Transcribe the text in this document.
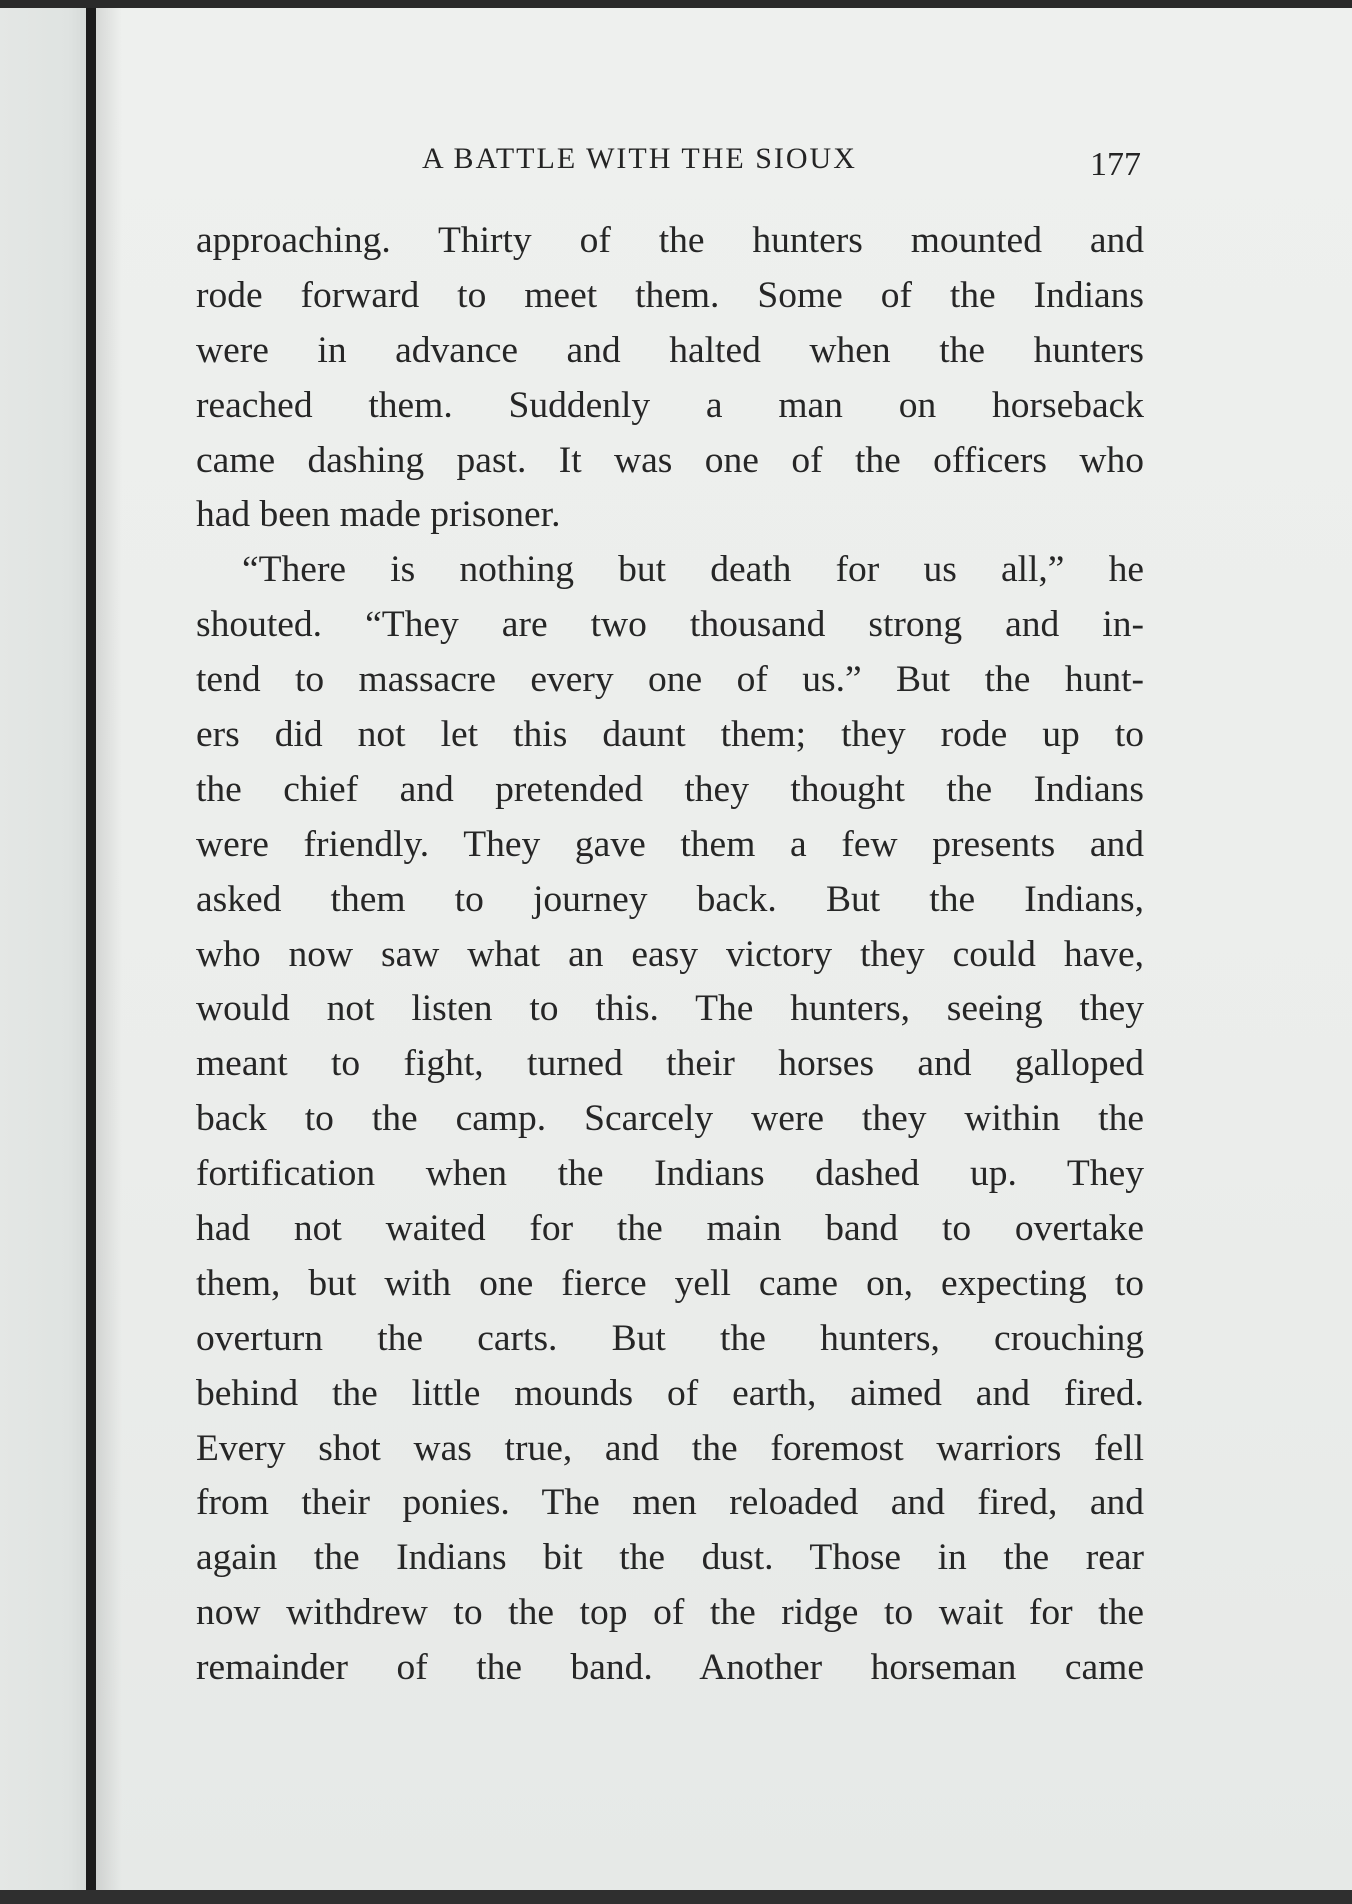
A BATTLE WITH THE SIOUX	177
approaching. Thirty of the hunters mounted and
rode forward to meet them. Some of the Indians
were in advance and halted when the hunters
reached them. Suddenly a man on horseback
came dashing past. It was one of the officers who
had been made prisoner.
“There is nothing but death for us all,” he
shouted. “They are two thousand strong and in-
tend to massacre every one of us.” But the hunt-
ers did not let this daunt them; they rode up to
the chief and pretended they thought the Indians
were friendly. They gave them a few presents and
asked them to journey back. But the Indians,
who now saw what an easy victory they could have,
would not listen to this. The hunters, seeing they
meant to fight, turned their horses and galloped
back to the camp. Scarcely were they within the
fortification when the Indians dashed up. They
had not waited for the main band to overtake
them, but with one fierce yell came on, expecting to
overturn the carts. But the hunters, crouching
behind the little mounds of earth, aimed and fired.
Every shot was true, and the foremost warriors fell
from their ponies. The men reloaded and fired, and
again the Indians bit the dust. Those in the rear
now withdrew to the top of the ridge to wait for the
remainder of the band. Another horseman came
